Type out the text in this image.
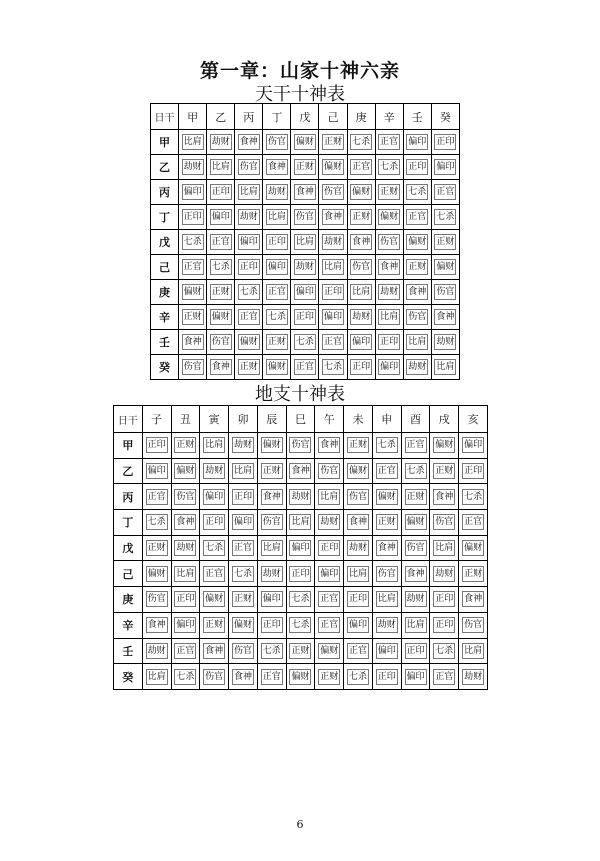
第一章：山家十神六亲
天干十神表
日干	甲	乙	丙	丁	戊	己	庚	辛	壬	癸
甲	比肩	劫财	食神	伤官	偏财	正财	七杀	正官	偏印	正印
乙	劫财	比肩	伤官	食神	正财	偏财	正官	七杀	正印	偏印
丙	偏印	正印	比肩	劫财	食神	伤官	偏财	正财	七杀	正官
丁	正印	偏印	劫财	比肩	伤官	食神	正财	偏财	正官	七杀
戊	七杀	正官	偏印	正印	比肩	劫财	食神	伤官	偏财	正财
己	正官	七杀	正印	偏印	劫财	比肩	伤官	食神	正财	偏财
庚	偏财	正财	七杀	正官	偏印	正印	比肩	劫财	食神	伤官
辛	正财	偏财	正官	七杀	正印	偏印	劫财	比肩	伤官	食神
壬	食神	伤官	偏财	正财	七杀	正官	偏印	正印	比肩	劫财
癸	伤官	食神	正财	偏财	正官	七杀	正印	偏印	劫财	比肩
地支十神表
日干	子	丑	寅	卯	辰	巳	午	未	申	酉	戌	亥
甲	正印	正财	比肩	劫财	偏财	伤官	食神	正财	七杀	正官	偏财	偏印
乙	偏印	偏财	劫财	比肩	正财	食神	伤官	偏财	正官	七杀	正财	正印
丙	正官	伤官	偏印	正印	食神	劫财	比肩	伤官	偏财	正财	食神	七杀
丁	七杀	食神	正印	偏印	伤官	比肩	劫财	食神	正财	偏财	伤官	正官
戊	正财	劫财	七杀	正官	比肩	偏印	正印	劫财	食神	伤官	比肩	偏财
己	偏财	比肩	正官	七杀	劫财	正印	偏印	比肩	伤官	食神	劫财	正财
庚	伤官	正印	偏财	正财	偏印	七杀	正官	正印	比肩	劫财	正印	食神
辛	食神	偏印	正财	偏财	正印	七杀	正官	偏印	劫财	比肩	正印	伤官
壬	劫财	正官	食神	伤官	七杀	正财	偏财	正官	偏印	正印	七杀	比肩
癸	比肩	七杀	伤官	食神	正官	偏财	正财	七杀	正印	偏印	正官	劫财
6
